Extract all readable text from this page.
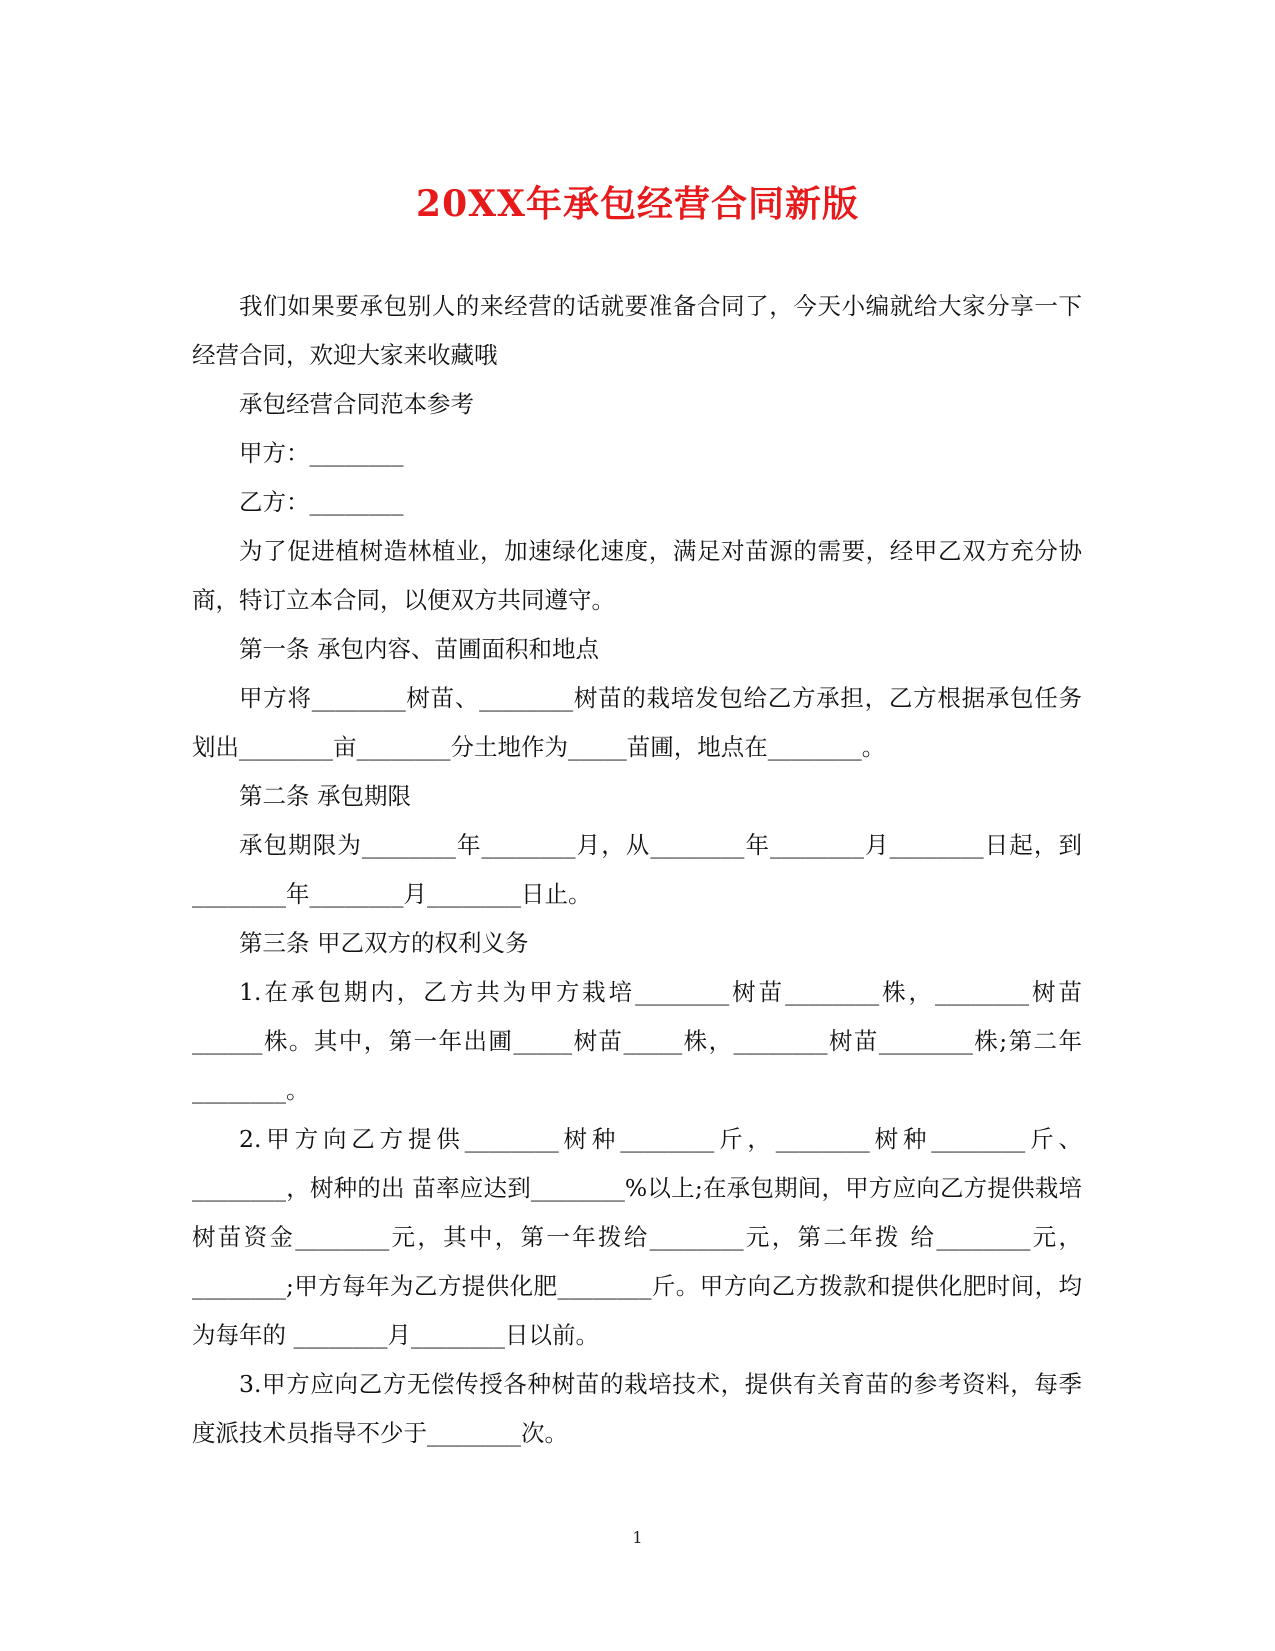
20XX年承包经营合同新版

我们如果要承包别人的来经营的话就要准备合同了，今天小编就给大家分享一下经营合同，欢迎大家来收藏哦

承包经营合同范本参考

甲方：________

乙方：________

为了促进植树造林植业，加速绿化速度，满足对苗源的需要，经甲乙双方充分协商，特订立本合同，以便双方共同遵守。

第一条 承包内容、苗圃面积和地点

甲方将________树苗、________树苗的栽培发包给乙方承担，乙方根据承包任务划出________亩________分土地作为_____苗圃，地点在________。

第二条 承包期限

承包期限为________年________月，从________年________月________日起，到________年________月________日止。

第三条 甲乙双方的权利义务

1.在承包期内，乙方共为甲方栽培________树苗________株，________树苗______株。其中，第一年出圃_____树苗_____株，________树苗________株;第二年________。

2.甲方向乙方提供________树种________斤，________树种________斤、________，树种的出 苗率应达到________%以上;在承包期间，甲方应向乙方提供栽培树苗资金________元，其中，第一年拨给________元，第二年拨 给________元，________;甲方每年为乙方提供化肥________斤。甲方向乙方拨款和提供化肥时间，均为每年的 ________月________日以前。

3.甲方应向乙方无偿传授各种树苗的栽培技术，提供有关育苗的参考资料，每季度派技术员指导不少于________次。

1
